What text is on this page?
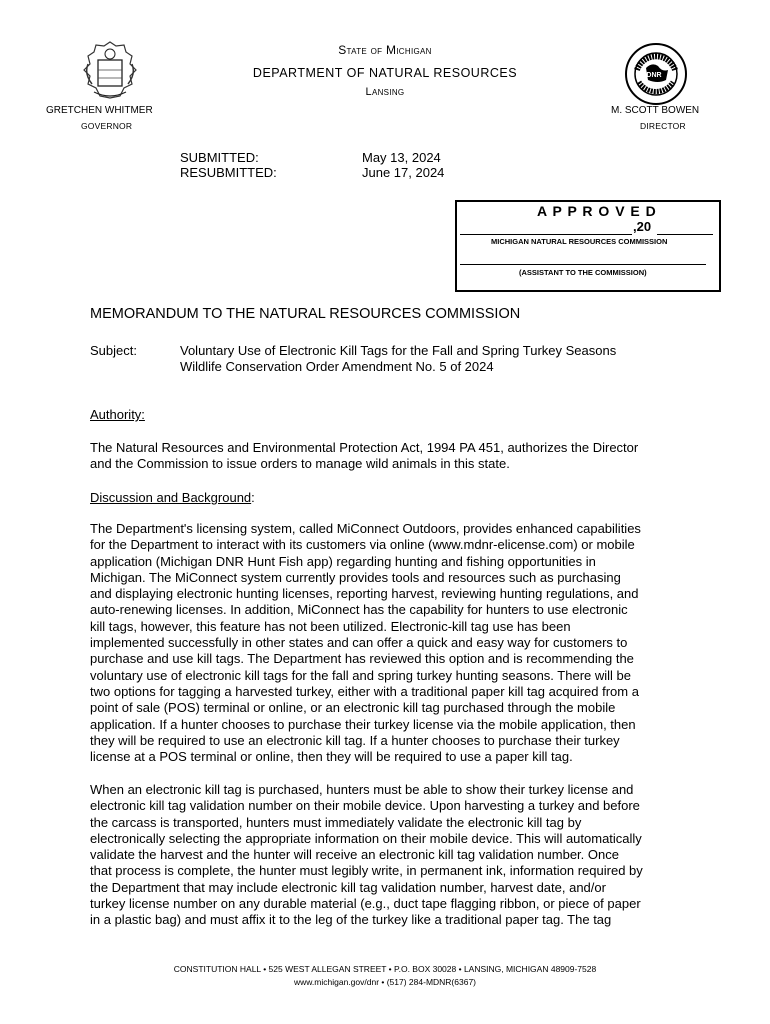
DNR
State of Michigan
DEPARTMENT OF NATURAL RESOURCES
Lansing
GRETCHEN WHITMER
GOVERNOR
M. SCOTT BOWEN
DIRECTOR
SUBMITTED:	May 13, 2024
RESUBMITTED:	June 17, 2024
A P P R O V E D
,20
MICHIGAN NATURAL RESOURCES COMMISSION
(ASSISTANT TO THE COMMISSION)
MEMORANDUM TO THE NATURAL RESOURCES COMMISSION
Subject:	Voluntary Use of Electronic Kill Tags for the Fall and Spring Turkey Seasons
Wildlife Conservation Order Amendment No. 5 of 2024
Authority:
The Natural Resources and Environmental Protection Act, 1994 PA 451, authorizes the Director
and the Commission to issue orders to manage wild animals in this state.
Discussion and Background:
The Department's licensing system, called MiConnect Outdoors, provides enhanced capabilities
for the Department to interact with its customers via online (www.mdnr-elicense.com) or mobile
application (Michigan DNR Hunt Fish app) regarding hunting and fishing opportunities in
Michigan. The MiConnect system currently provides tools and resources such as purchasing
and displaying electronic hunting licenses, reporting harvest, reviewing hunting regulations, and
auto-renewing licenses. In addition, MiConnect has the capability for hunters to use electronic
kill tags, however, this feature has not been utilized. Electronic-kill tag use has been
implemented successfully in other states and can offer a quick and easy way for customers to
purchase and use kill tags. The Department has reviewed this option and is recommending the
voluntary use of electronic kill tags for the fall and spring turkey hunting seasons. There will be
two options for tagging a harvested turkey, either with a traditional paper kill tag acquired from a
point of sale (POS) terminal or online, or an electronic kill tag purchased through the mobile
application. If a hunter chooses to purchase their turkey license via the mobile application, then
they will be required to use an electronic kill tag. If a hunter chooses to purchase their turkey
license at a POS terminal or online, then they will be required to use a paper kill tag.
When an electronic kill tag is purchased, hunters must be able to show their turkey license and
electronic kill tag validation number on their mobile device. Upon harvesting a turkey and before
the carcass is transported, hunters must immediately validate the electronic kill tag by
electronically selecting the appropriate information on their mobile device. This will automatically
validate the harvest and the hunter will receive an electronic kill tag validation number. Once
that process is complete, the hunter must legibly write, in permanent ink, information required by
the Department that may include electronic kill tag validation number, harvest date, and/or
turkey license number on any durable material (e.g., duct tape flagging ribbon, or piece of paper
in a plastic bag) and must affix it to the leg of the turkey like a traditional paper tag. The tag
CONSTITUTION HALL • 525 WEST ALLEGAN STREET • P.O. BOX 30028 • LANSING, MICHIGAN 48909-7528
www.michigan.gov/dnr • (517) 284-MDNR(6367)
